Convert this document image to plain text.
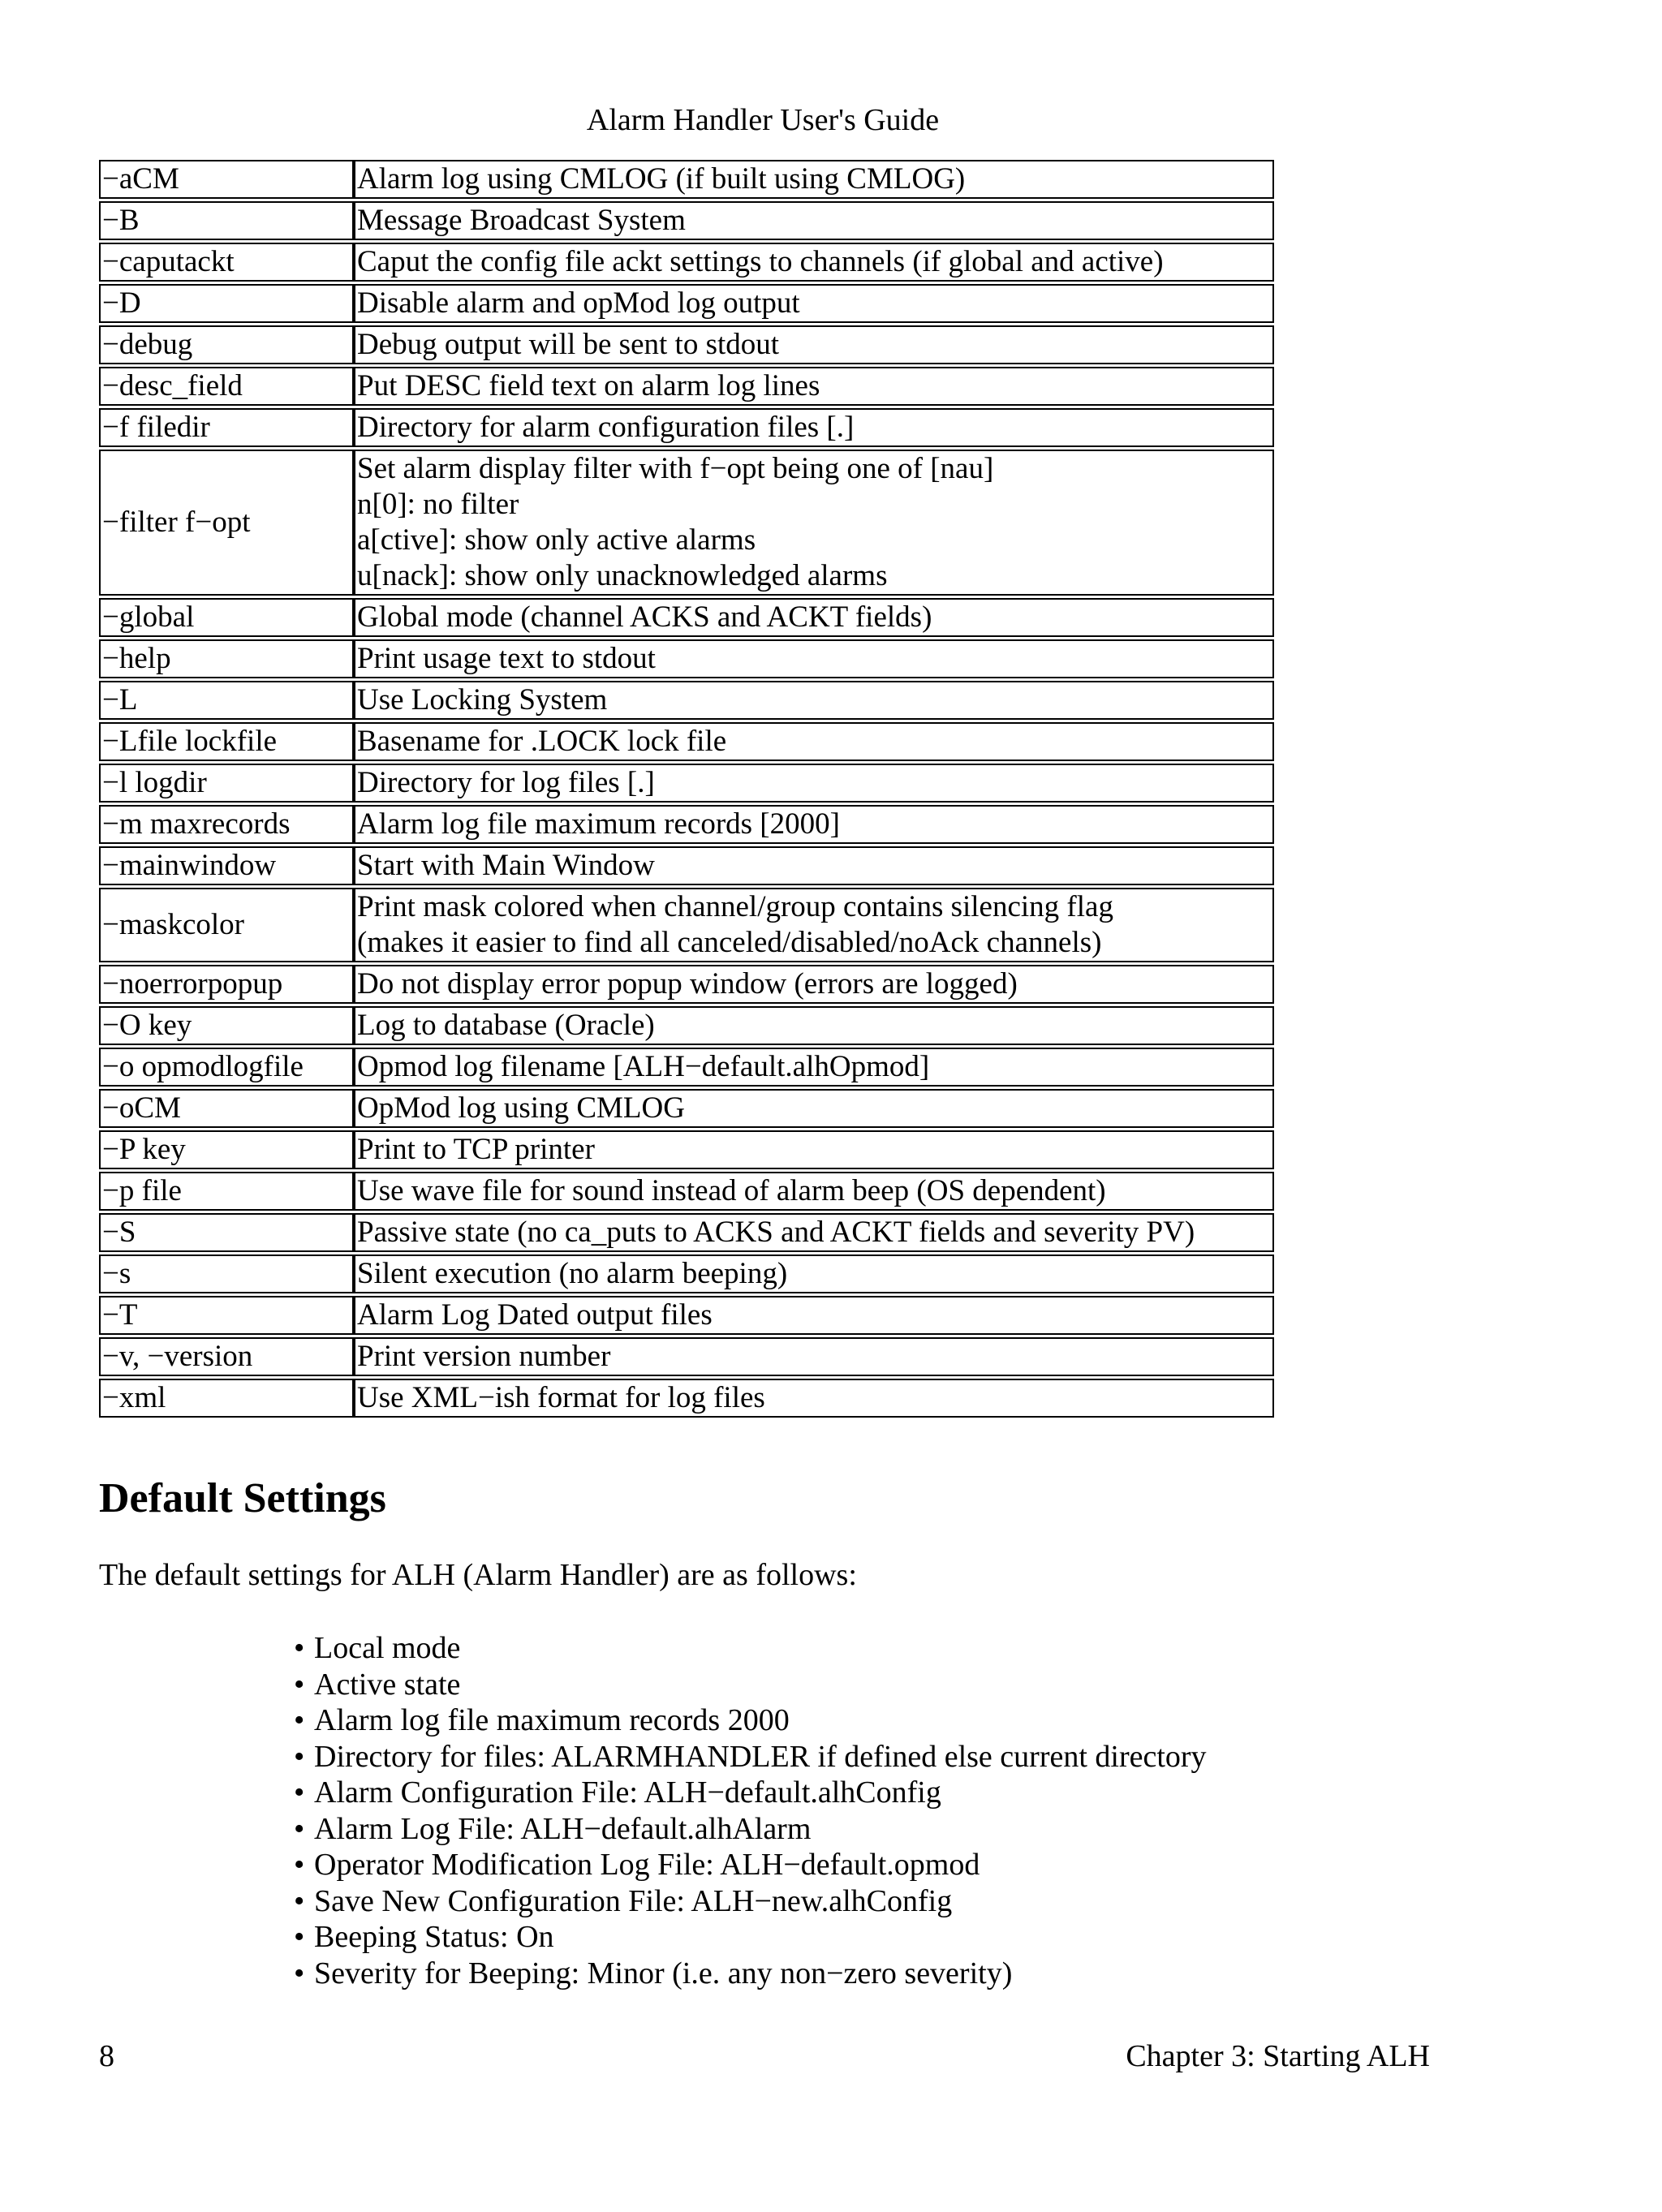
Alarm Handler User's Guide
−aCM	Alarm log using CMLOG (if built using CMLOG)

−B	Message Broadcast System

−caputackt	Caput the config file ackt settings to channels (if global and active)

−D	Disable alarm and opMod log output

−debug	Debug output will be sent to stdout

−desc_field	Put DESC field text on alarm log lines

−f filedir	Directory for alarm configuration files [.]

−filter f−opt	Set alarm display filter with f−opt being one of [nau]
n[0]: no filter
a[ctive]: show only active alarms
u[nack]: show only unacknowledged alarms

−global	Global mode (channel ACKS and ACKT fields)

−help	Print usage text to stdout

−L	Use Locking System

−Lfile lockfile	Basename for .LOCK lock file

−l logdir	Directory for log files [.]

−m maxrecords	Alarm log file maximum records [2000]

−mainwindow	Start with Main Window

−maskcolor	Print mask colored when channel/group contains silencing flag
(makes it easier to find all canceled/disabled/noAck channels)

−noerrorpopup	Do not display error popup window (errors are logged)

−O key	Log to database (Oracle)

−o opmodlogfile	Opmod log filename [ALH−default.alhOpmod]

−oCM	OpMod log using CMLOG

−P key	Print to TCP printer

−p file	Use wave file for sound instead of alarm beep (OS dependent)

−S	Passive state (no ca_puts to ACKS and ACKT fields and severity PV)

−s	Silent execution (no alarm beeping)

−T	Alarm Log Dated output files

−v, −version	Print version number

−xml	Use XML−ish format for log files
Default Settings

The default settings for ALH (Alarm Handler) are as follows:

• Local mode
• Active state
• Alarm log file maximum records 2000
• Directory for files: ALARMHANDLER if defined else current directory
• Alarm Configuration File: ALH−default.alhConfig
• Alarm Log File: ALH−default.alhAlarm
• Operator Modification Log File: ALH−default.opmod
• Save New Configuration File: ALH−new.alhConfig
• Beeping Status: On
• Severity for Beeping: Minor (i.e. any non−zero severity)
8	Chapter 3: Starting ALH
